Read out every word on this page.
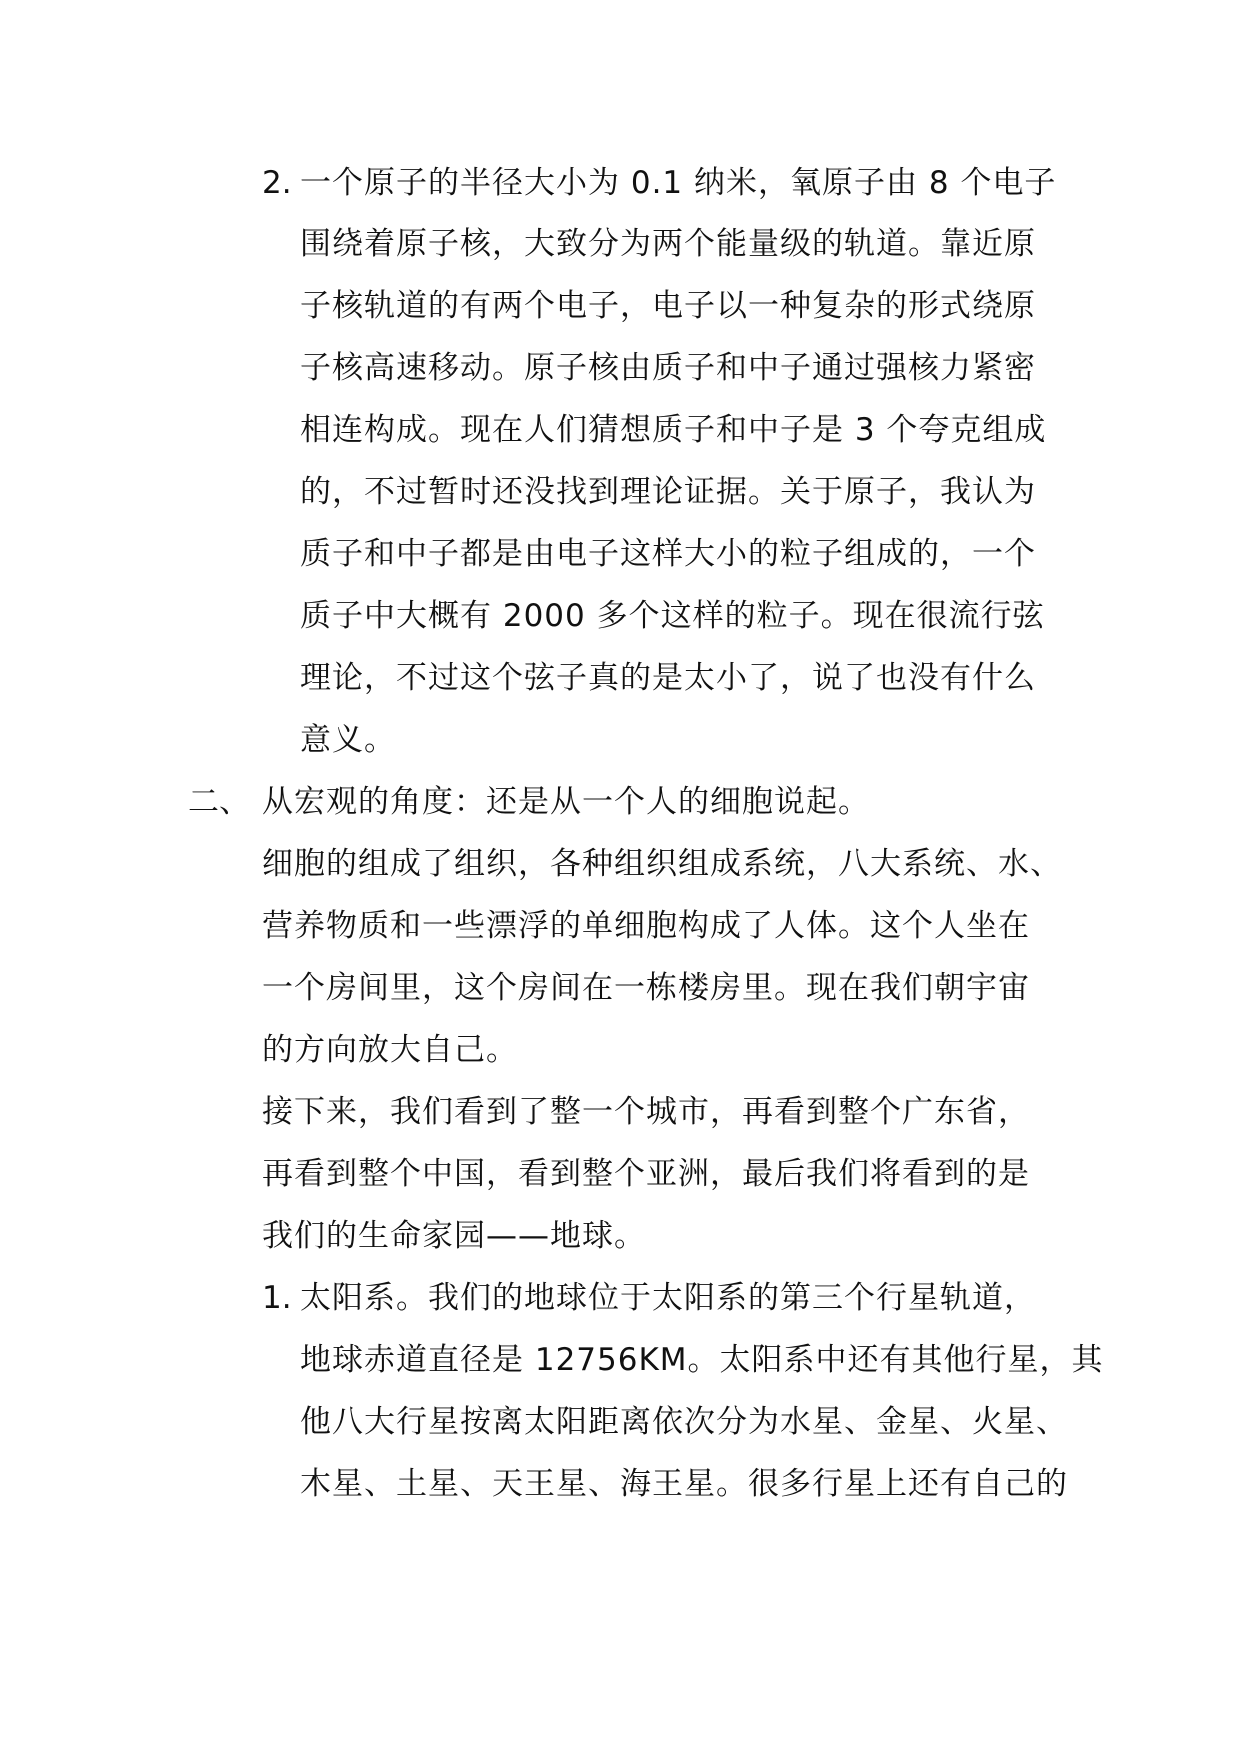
2. 一个原子的半径大小为 0.1 纳米，氧原子由 8 个电子
围绕着原子核，大致分为两个能量级的轨道。靠近原
子核轨道的有两个电子，电子以一种复杂的形式绕原
子核高速移动。原子核由质子和中子通过强核力紧密
相连构成。现在人们猜想质子和中子是 3 个夸克组成
的，不过暂时还没找到理论证据。关于原子，我认为
质子和中子都是由电子这样大小的粒子组成的，一个
质子中大概有 2000 多个这样的粒子。现在很流行弦
理论，不过这个弦子真的是太小了，说了也没有什么
意义。
二、 从宏观的角度：还是从一个人的细胞说起。
细胞的组成了组织，各种组织组成系统，八大系统、水、
营养物质和一些漂浮的单细胞构成了人体。这个人坐在
一个房间里，这个房间在一栋楼房里。现在我们朝宇宙
的方向放大自己。
接下来，我们看到了整一个城市，再看到整个广东省，
再看到整个中国，看到整个亚洲，最后我们将看到的是
我们的生命家园——地球。
1. 太阳系。我们的地球位于太阳系的第三个行星轨道，
地球赤道直径是 12756KM。太阳系中还有其他行星，其
他八大行星按离太阳距离依次分为水星、金星、火星、
木星、土星、天王星、海王星。很多行星上还有自己的
